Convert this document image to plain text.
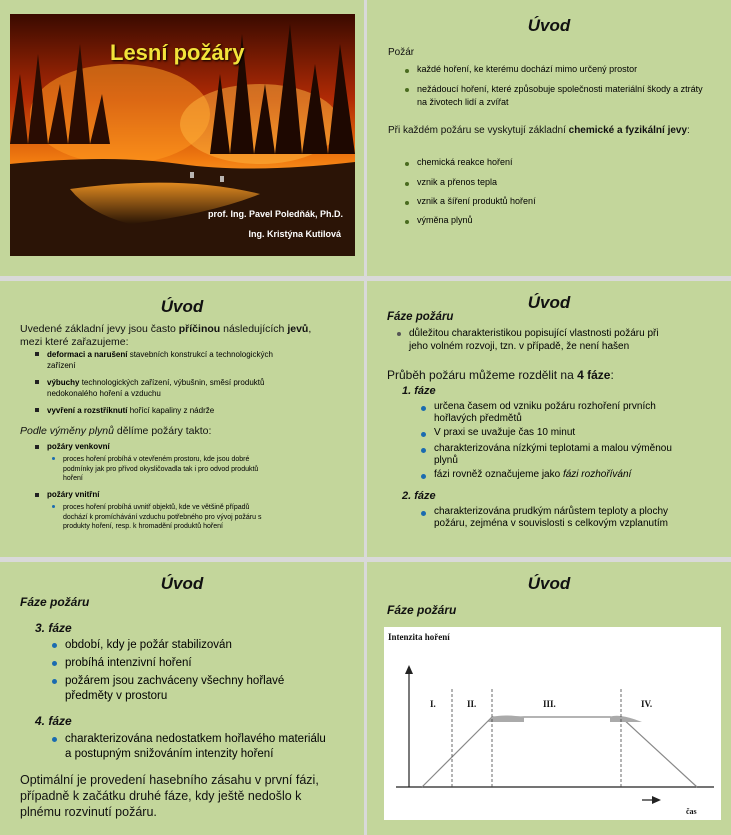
Lesní požáry
prof. Ing. Pavel Poledňák, Ph.D.
Ing. Kristýna Kutilová
Úvod
Požár
každé hoření, ke kterému dochází mimo určený prostor
nežádoucí hoření, které způsobuje společnosti materiální škody a ztráty na životech lidí a zvířat
Při každém požáru se vyskytují základní chemické a fyzikální jevy:
chemická reakce hoření
vznik a přenos tepla
vznik a šíření produktů hoření
výměna plynů
Úvod
Uvedené základní jevy jsou často příčinou následujících jevů,
mezi které zařazujeme:
deformaci a narušení stavebních konstrukcí a technologických
zařízení
výbuchy technologických zařízení, výbušnin, směsí produktů
nedokonalého hoření a vzduchu
vyvření a rozstříknutí hořící kapaliny z nádrže
Podle výměny plynů dělíme požáry takto:
požáry venkovní
proces hoření probíhá v otevřeném prostoru, kde jsou dobré
podmínky jak pro přívod okysličovadla tak i pro odvod produktů
hoření
požáry vnitřní
proces hoření probíhá uvnitř objektů, kde ve většině případů
dochází k promíchávání vzduchu potřebného pro vývoj požáru s
produkty hoření, resp. k hromadění produktů hoření
Úvod
Fáze požáru
důležitou charakteristikou popisující vlastnosti požáru při
jeho volném rozvoji, tzn. v případě, že není hašen
Průběh požáru můžeme rozdělit na 4 fáze:
1. fáze
určena časem od vzniku požáru rozhoření prvních
hořlavých předmětů
V praxi se uvažuje čas 10 minut
charakterizována nízkými teplotami a malou výměnou
plynů
fázi rovněž označujeme jako fázi rozhořívání
2. fáze
charakterizována prudkým nárůstem teploty a plochy
požáru, zejména v souvislosti s celkovým vzplanutím
Úvod
Fáze požáru
3. fáze
období, kdy je požár stabilizován
probíhá intenzivní hoření
požárem jsou zachváceny všechny hořlavé
předměty v prostoru
4. fáze
charakterizována nedostatkem hořlavého materiálu
a postupným snižováním intenzity hoření
Optimální je provedení hasebního zásahu v první fázi,
případně k začátku druhé fáze, kdy ještě nedošlo k
plnému rozvinutí požáru.
Úvod
Fáze požáru
Intenzita hoření
čas
I.	II.	III.	IV.
